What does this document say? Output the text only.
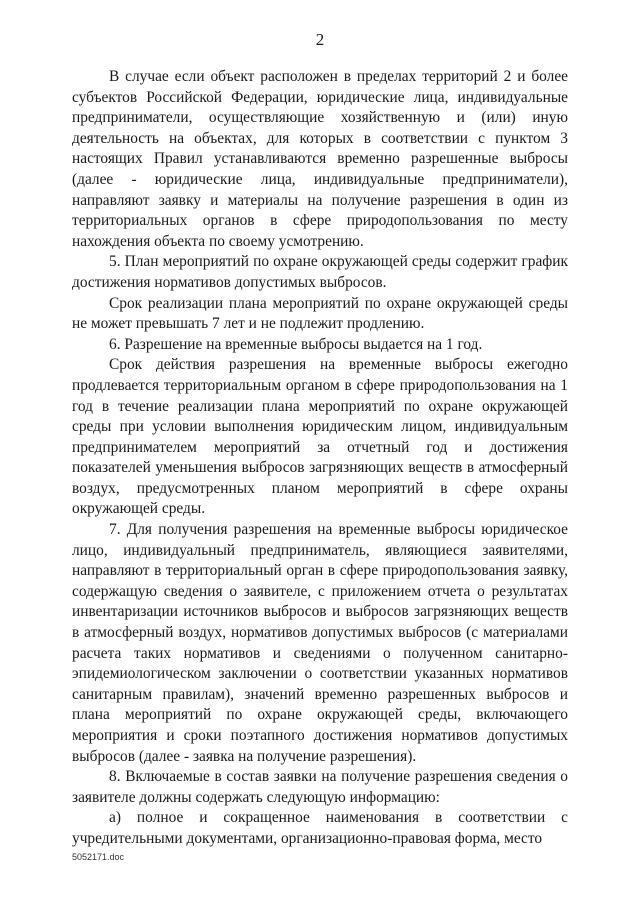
2

В случае если объект расположен в пределах территорий 2 и более субъектов Российской Федерации, юридические лица, индивидуальные предприниматели, осуществляющие хозяйственную и (или) иную деятельность на объектах, для которых в соответствии с пунктом 3 настоящих Правил устанавливаются временно разрешенные выбросы (далее - юридические лица, индивидуальные предприниматели), направляют заявку и материалы на получение разрешения в один из территориальных органов в сфере природопользования по месту нахождения объекта по своему усмотрению.

5. План мероприятий по охране окружающей среды содержит график достижения нормативов допустимых выбросов.

Срок реализации плана мероприятий по охране окружающей среды не может превышать 7 лет и не подлежит продлению.

6. Разрешение на временные выбросы выдается на 1 год.

Срок действия разрешения на временные выбросы ежегодно продлевается территориальным органом в сфере природопользования на 1 год в течение реализации плана мероприятий по охране окружающей среды при условии выполнения юридическим лицом, индивидуальным предпринимателем мероприятий за отчетный год и достижения показателей уменьшения выбросов загрязняющих веществ в атмосферный воздух, предусмотренных планом мероприятий в сфере охраны окружающей среды.

7. Для получения разрешения на временные выбросы юридическое лицо, индивидуальный предприниматель, являющиеся заявителями, направляют в территориальный орган в сфере природопользования заявку, содержащую сведения о заявителе, с приложением отчета о результатах инвентаризации источников выбросов и выбросов загрязняющих веществ в атмосферный воздух, нормативов допустимых выбросов (с материалами расчета таких нормативов и сведениями о полученном санитарно-эпидемиологическом заключении о соответствии указанных нормативов санитарным правилам), значений временно разрешенных выбросов и плана мероприятий по охране окружающей среды, включающего мероприятия и сроки поэтапного достижения нормативов допустимых выбросов (далее - заявка на получение разрешения).

8. Включаемые в состав заявки на получение разрешения сведения о заявителе должны содержать следующую информацию:

а) полное и сокращенное наименования в соответствии с учредительными документами, организационно-правовая форма, место

5052171.doc
